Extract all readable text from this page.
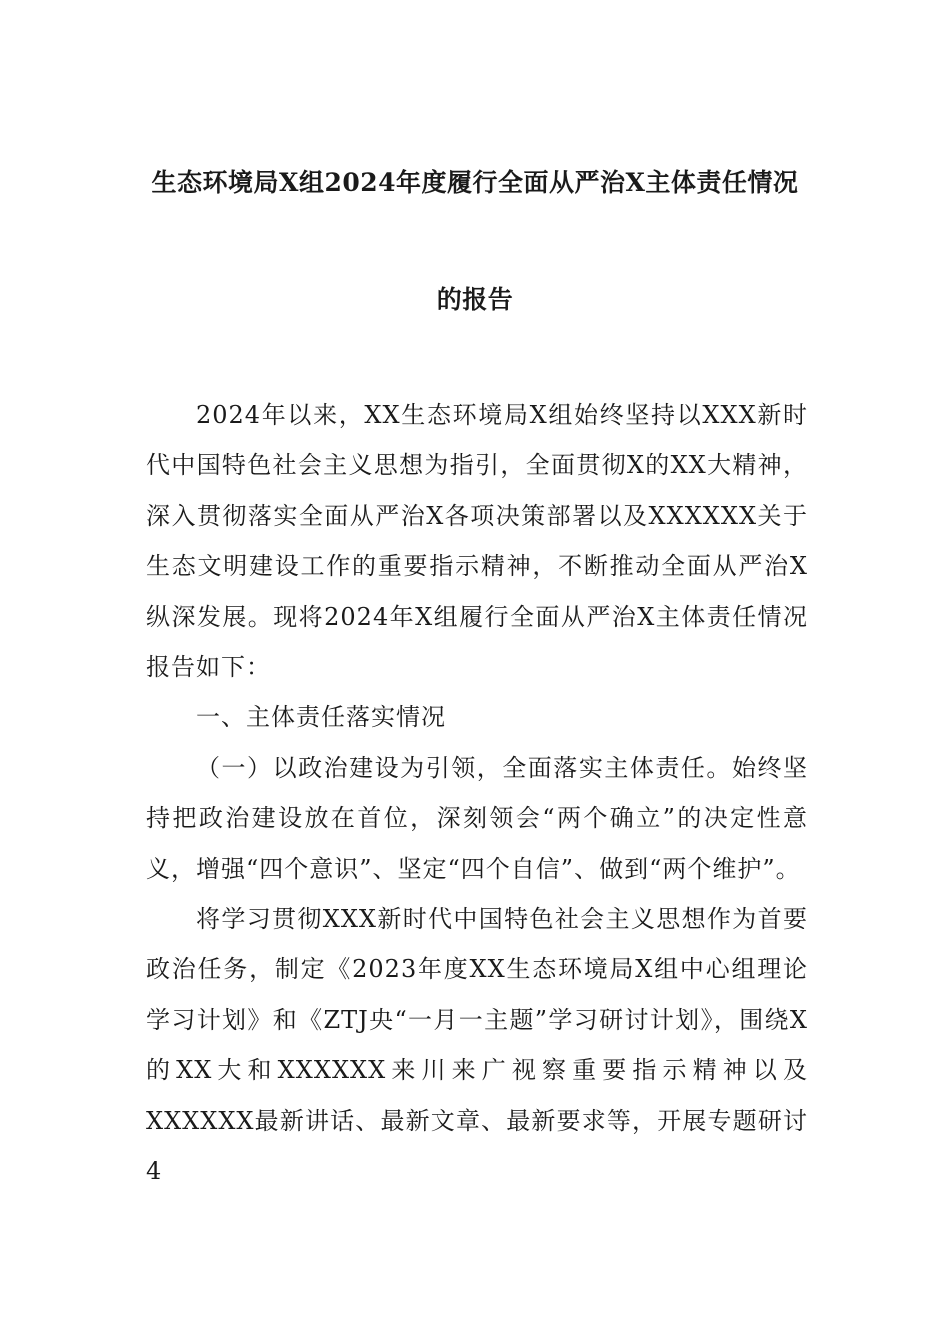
生态环境局X组2024年度履行全面从严治X主体责任情况
的报告

2024年以来，XX生态环境局X组始终坚持以XXX新时代中国特色社会主义思想为指引，全面贯彻X的XX大精神，深入贯彻落实全面从严治X各项决策部署以及XXXXXX关于生态文明建设工作的重要指示精神，不断推动全面从严治X纵深发展。现将2024年X组履行全面从严治X主体责任情况报告如下：

一、主体责任落实情况

（一）以政治建设为引领，全面落实主体责任。始终坚持把政治建设放在首位，深刻领会“两个确立”的决定性意义，增强“四个意识”、坚定“四个自信”、做到“两个维护”。

将学习贯彻XXX新时代中国特色社会主义思想作为首要政治任务，制定《2023年度XX生态环境局X组中心组理论学习计划》和《ZTJ央“一月一主题”学习研讨计划》，围绕X的XX大和XXXXXX来川来广视察重要指示精神以及XXXXXX最新讲话、最新文章、最新要求等，开展专题研讨4
